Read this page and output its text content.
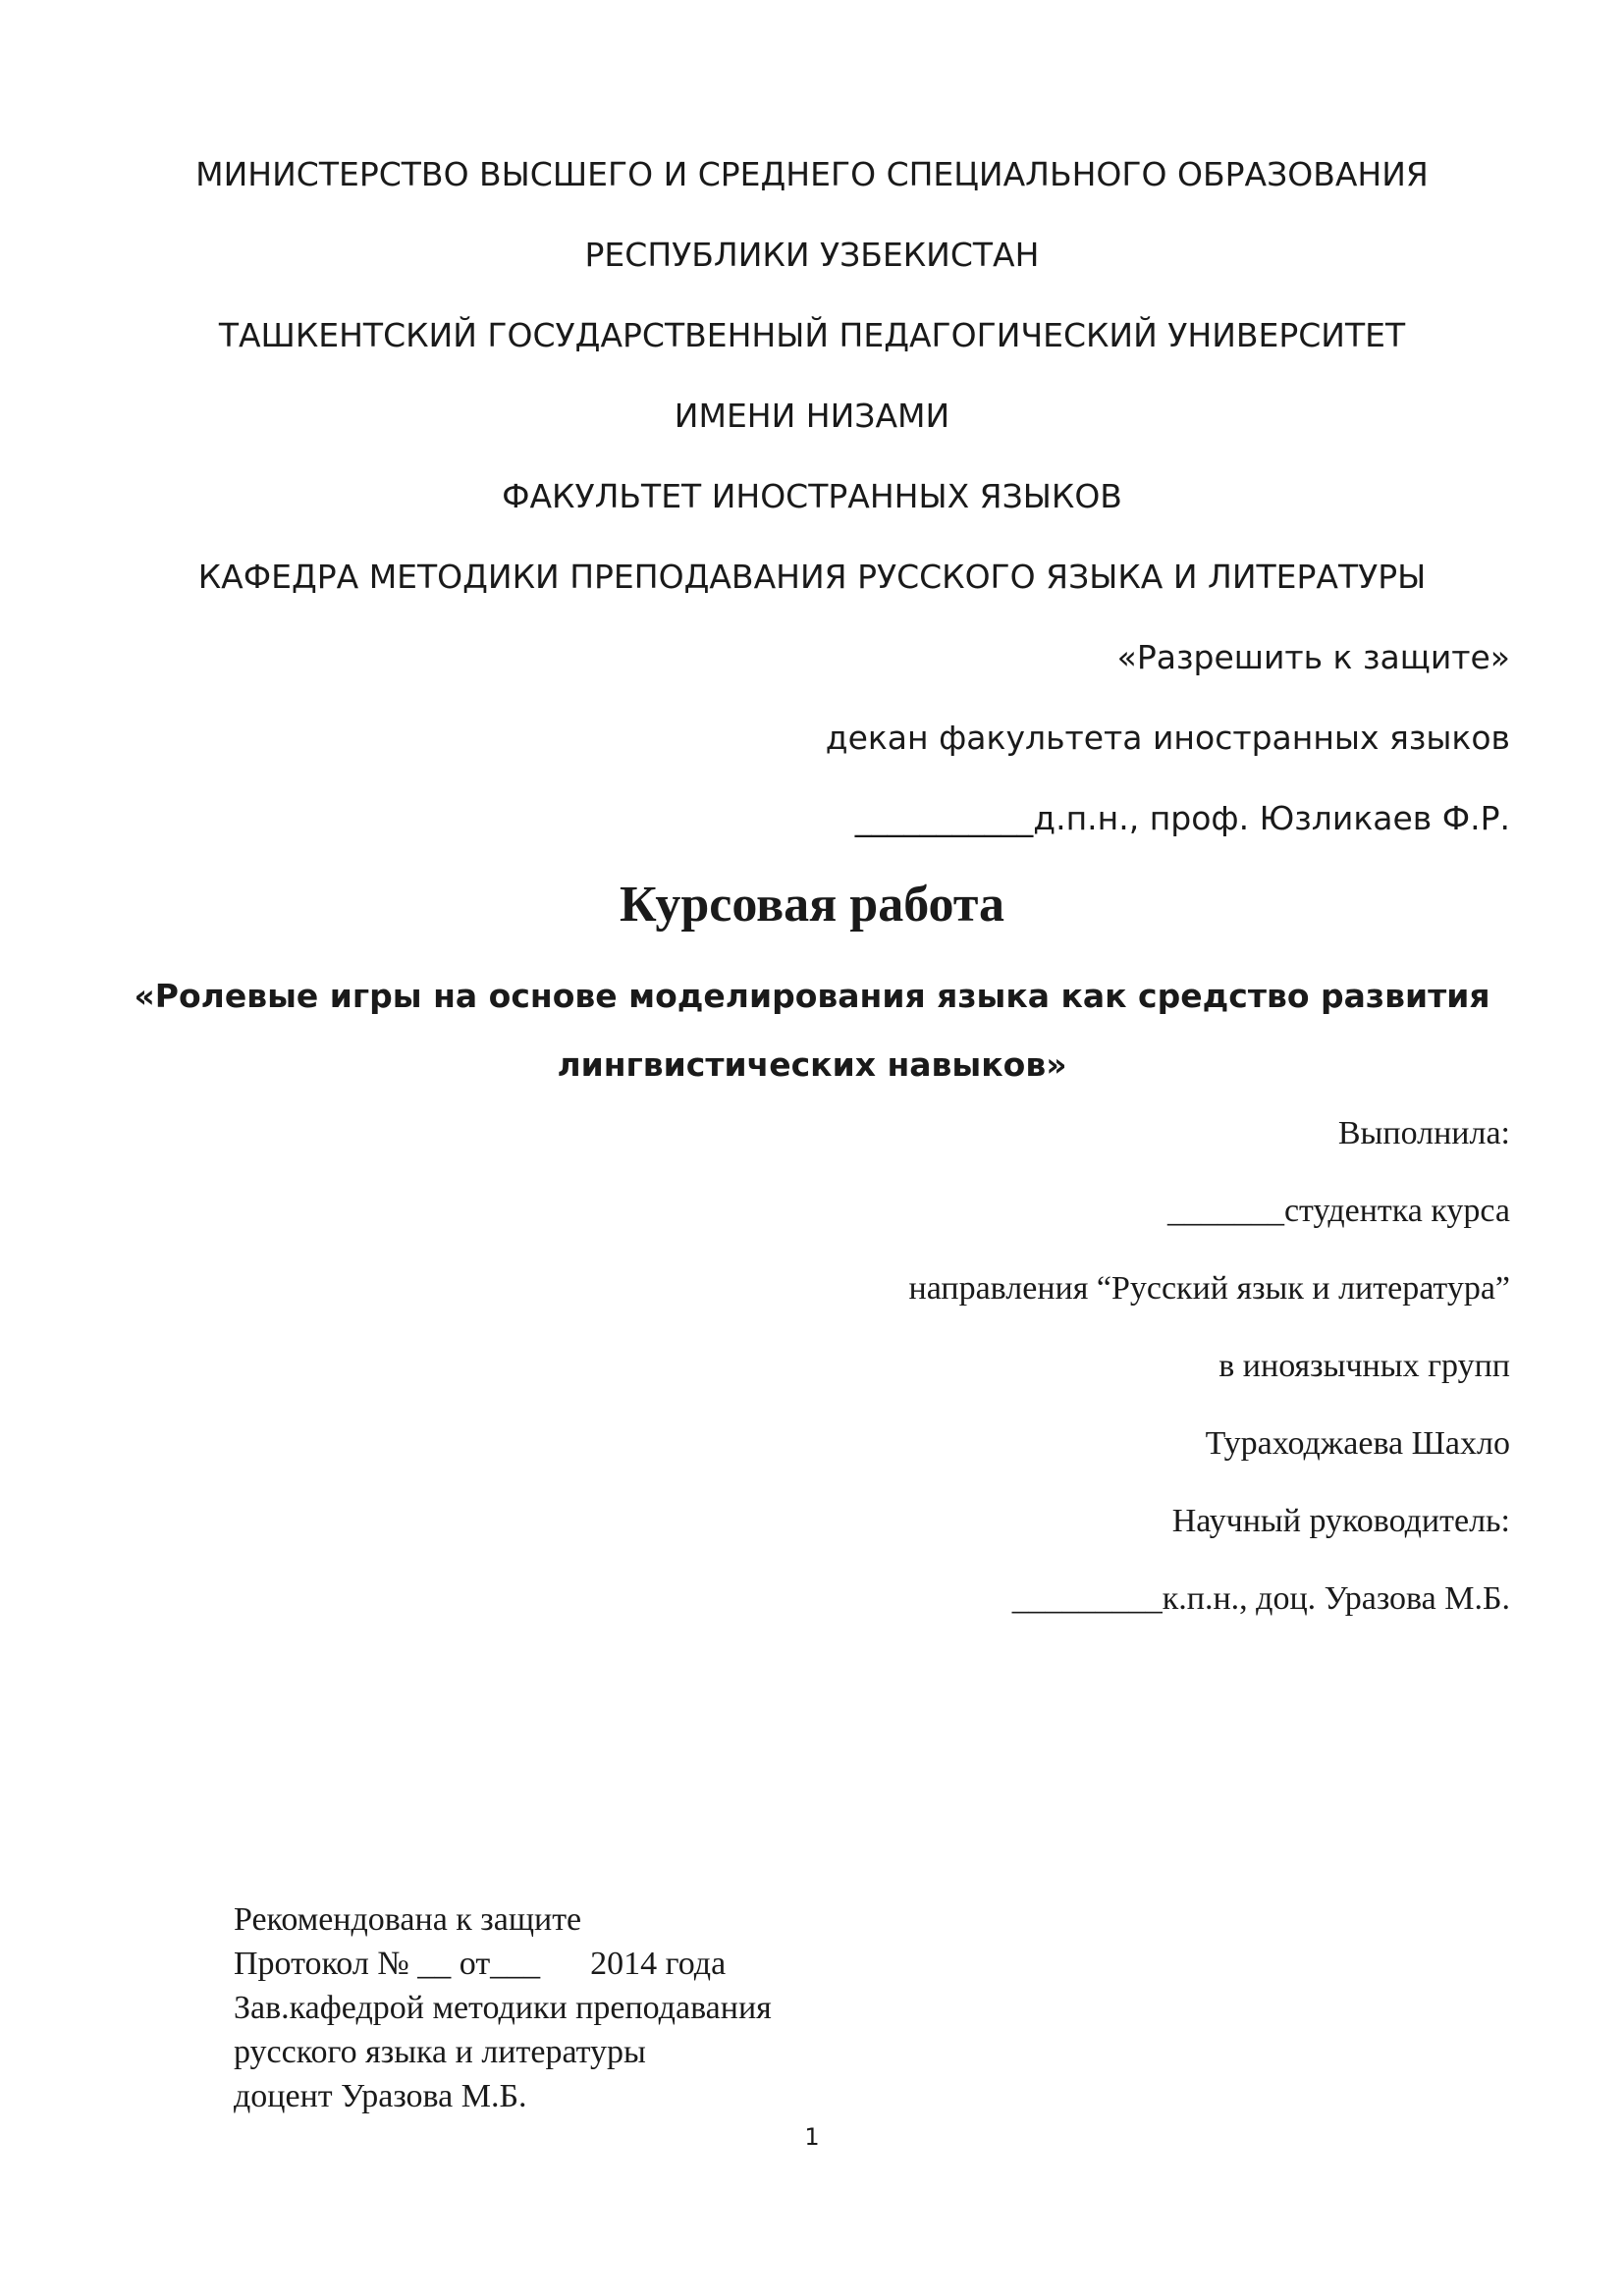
МИНИСТЕРСТВО ВЫСШЕГО И СРЕДНЕГО СПЕЦИАЛЬНОГО ОБРАЗОВАНИЯ

РЕСПУБЛИКИ УЗБЕКИСТАН

ТАШКЕНТСКИЙ ГОСУДАРСТВЕННЫЙ ПЕДАГОГИЧЕСКИЙ УНИВЕРСИТЕТ

ИМЕНИ НИЗАМИ

ФАКУЛЬТЕТ ИНОСТРАННЫХ ЯЗЫКОВ

КАФЕДРА МЕТОДИКИ ПРЕПОДАВАНИЯ РУССКОГО ЯЗЫКА И ЛИТЕРАТУРЫ

«Разрешить к защите»

декан факультета иностранных языков

___________д.п.н., проф. Юзликаев Ф.Р.

Курсовая работа

«Ролевые игры на основе моделирования языка как средство развития

лингвистических навыков»

Выполнила:

_______студентка курса

направления “Русский язык и литература”

в иноязычных групп

Тураходжаева Шахло

Научный руководитель:

_________к.п.н., доц. Уразова М.Б.

Рекомендована к защите
Протокол № __ от___      2014 года
Зав.кафедрой методики преподавания
русского языка и литературы
доцент Уразова М.Б.

1
